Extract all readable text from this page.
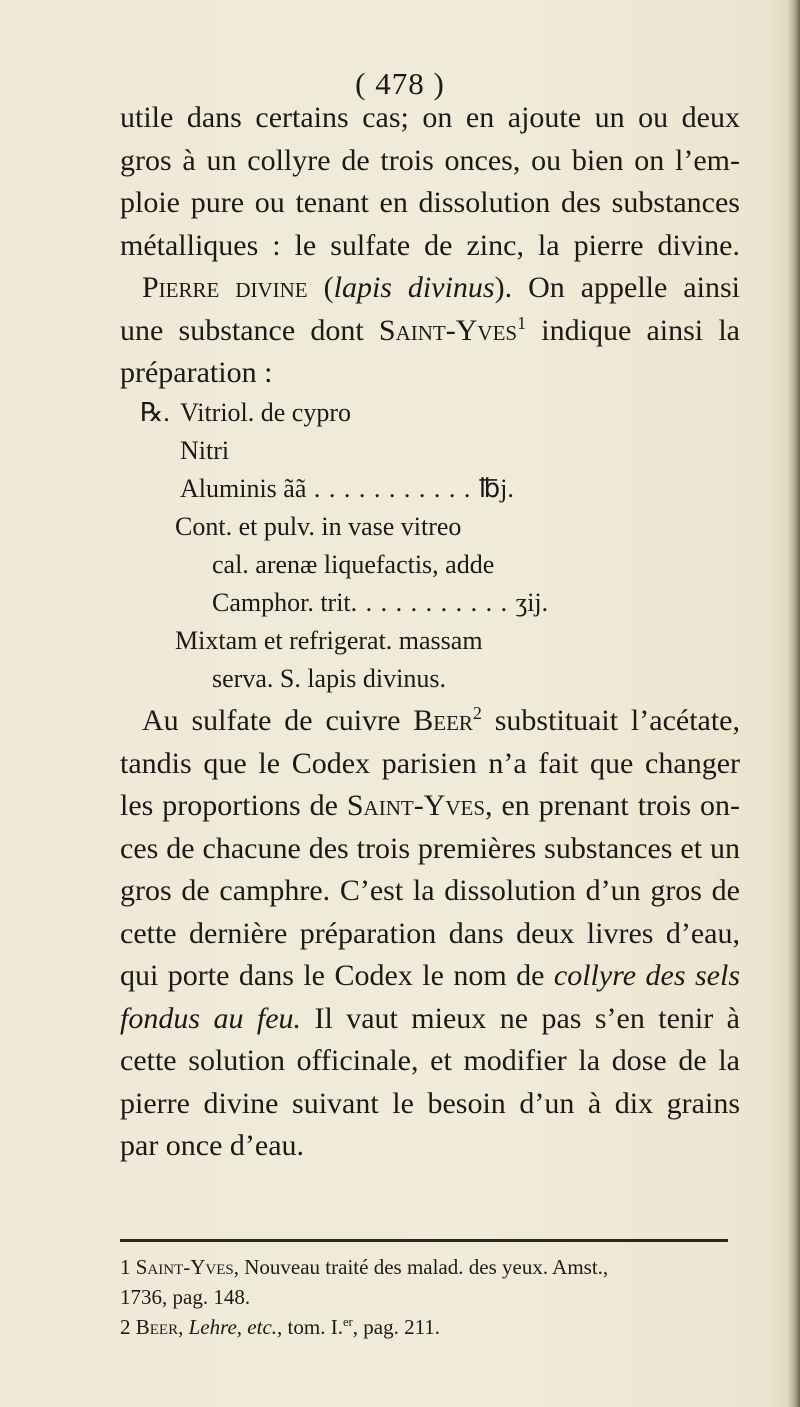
( 478 )
utile dans certains cas; on en ajoute un ou deux
gros à un collyre de trois onces, ou bien on l’em-
ploie pure ou tenant en dissolution des substances
métalliques : le sulfate de zinc, la pierre divine.
Pierre divine (lapis divinus). On appelle ainsi
une substance dont Saint-Yves$^1$ indique ainsi la
préparation :
℞. Vitriol. de cypro
Nitri
Aluminis ãã . . . . . . . . . . . ℔j.
Cont. et pulv. in vase vitreo
cal. arenæ liquefactis, adde
Camphor. trit. . . . . . . . . . . ʒij.
Mixtam et refrigerat. massam
serva. S. lapis divinus.
Au sulfate de cuivre Beer$^2$ substituait l’acétate,
tandis que le Codex parisien n’a fait que changer
les proportions de Saint-Yves, en prenant trois on-
ces de chacune des trois premières substances et un
gros de camphre. C’est la dissolution d’un gros de
cette dernière préparation dans deux livres d’eau,
qui porte dans le Codex le nom de collyre des sels
fondus au feu. Il vaut mieux ne pas s’en tenir à
cette solution officinale, et modifier la dose de la
pierre divine suivant le besoin d’un à dix grains
par once d’eau.
1 Saint-Yves, Nouveau traité des malad. des yeux. Amst.,
1736, pag. 148.
2 Beer, Lehre, etc., tom. I.$^{er}$, pag. 211.
